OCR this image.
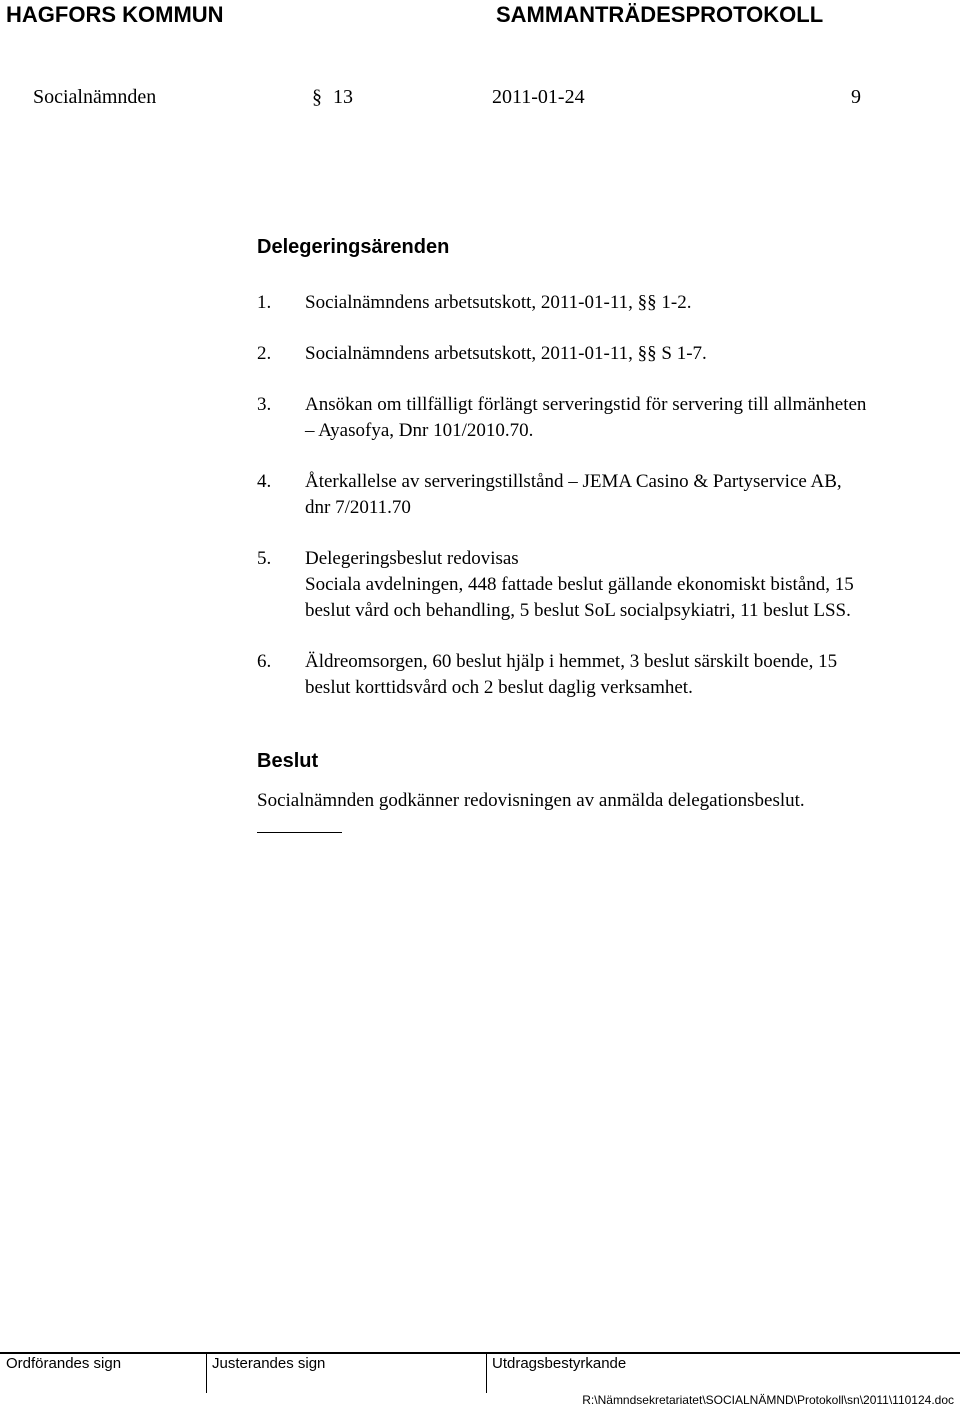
HAGFORS KOMMUN	SAMMANTRÄDESPROTOKOLL
Socialnämnden	§ 13	2011-01-24	9
Delegeringsärenden
1. Socialnämndens arbetsutskott, 2011-01-11, §§ 1-2.
2. Socialnämndens arbetsutskott, 2011-01-11, §§ S 1-7.
3. Ansökan om tillfälligt förlängt serveringstid för servering till allmänheten
– Ayasofya, Dnr 101/2010.70.
4. Återkallelse av serveringstillstånd – JEMA Casino & Partyservice AB,
dnr 7/2011.70
5. Delegeringsbeslut redovisas
Sociala avdelningen, 448 fattade beslut gällande ekonomiskt bistånd, 15
beslut vård och behandling, 5 beslut SoL socialpsykiatri, 11 beslut LSS.
6. Äldreomsorgen, 60 beslut hjälp i hemmet, 3 beslut särskilt boende, 15
beslut korttidsvård och 2 beslut daglig verksamhet.
Beslut
Socialnämnden godkänner redovisningen av anmälda delegationsbeslut.
Ordförandes sign	Justerandes sign	Utdragsbestyrkande
R:\Nämndsekretariatet\SOCIALNÄMND\Protokoll\sn\2011\110124.doc
